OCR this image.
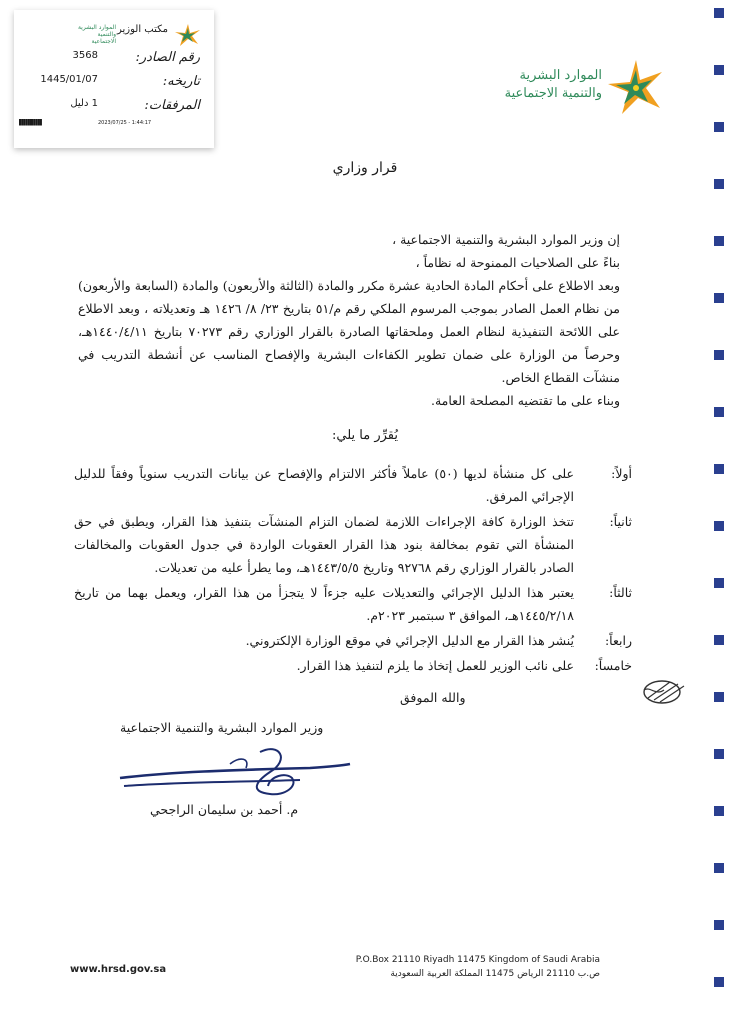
مكتب الوزير
الموارد البشرية والتنمية الاجتماعية
رقم الصادر:
3568
تاريخه:
1445/01/07
المرفقات:
1 دليل
IIIIIIIIIII	2023/07/25 - 1:44:17
الموارد البشرية
والتنمية الاجتماعية
قرار وزاري

إن وزير الموارد البشرية والتنمية الاجتماعية ،

بناءً على الصلاحيات الممنوحة له نظاماً ،

وبعد الاطلاع على أحكام المادة الحادية عشرة مكرر والمادة (الثالثة والأربعون) والمادة (السابعة والأربعون) من نظام العمل الصادر بموجب المرسوم الملكي رقم م/٥١ بتاريخ ٢٣/ ٨/ ١٤٢٦ هـ وتعديلاته ، وبعد الاطلاع على اللائحة التنفيذية لنظام العمل وملحقاتها الصادرة بالقرار الوزاري رقم ٧٠٢٧٣ بتاريخ ١٤٤٠/٤/١١هـ، وحرصاً من الوزارة على ضمان تطوير الكفاءات البشرية والإفصاح المناسب عن أنشطة التدريب في منشآت القطاع الخاص.

وبناء على ما تقتضيه المصلحة العامة.

يُقرِّر ما يلي:
أولاً:
على كل منشأة لديها (٥٠) عاملاً فأكثر الالتزام والإفصاح عن بيانات التدريب سنوياً وفقاً للدليل الإجرائي المرفق.
ثانياً:
تتخذ الوزارة كافة الإجراءات اللازمة لضمان التزام المنشآت بتنفيذ هذا القرار، ويطبق في حق المنشأة التي تقوم بمخالفة بنود هذا القرار العقوبات الواردة في جدول العقوبات والمخالفات الصادر بالقرار الوزاري رقم ٩٢٧٦٨ وتاريخ ١٤٤٣/٥/٥هـ، وما يطرأ عليه من تعديلات.
ثالثاً:
يعتبر هذا الدليل الإجرائي والتعديلات عليه جزءاً لا يتجزأ من هذا القرار، ويعمل بهما من تاريخ ١٤٤٥/٢/١٨هـ، الموافق ٣ سبتمبر ٢٠٢٣م.
رابعاً:
يُنشر هذا القرار مع الدليل الإجرائي في موقع الوزارة الإلكتروني.
خامساً:
على نائب الوزير للعمل إتخاذ ما يلزم لتنفيذ هذا القرار.
والله الموفق
وزير الموارد البشرية والتنمية الاجتماعية
م. أحمد بن سليمان الراجحي
www.hrsd.gov.sa
P.O.Box 21110 Riyadh 11475 Kingdom of Saudi Arabia
ص.ب 21110 الرياض 11475 المملكة العربية السعودية
